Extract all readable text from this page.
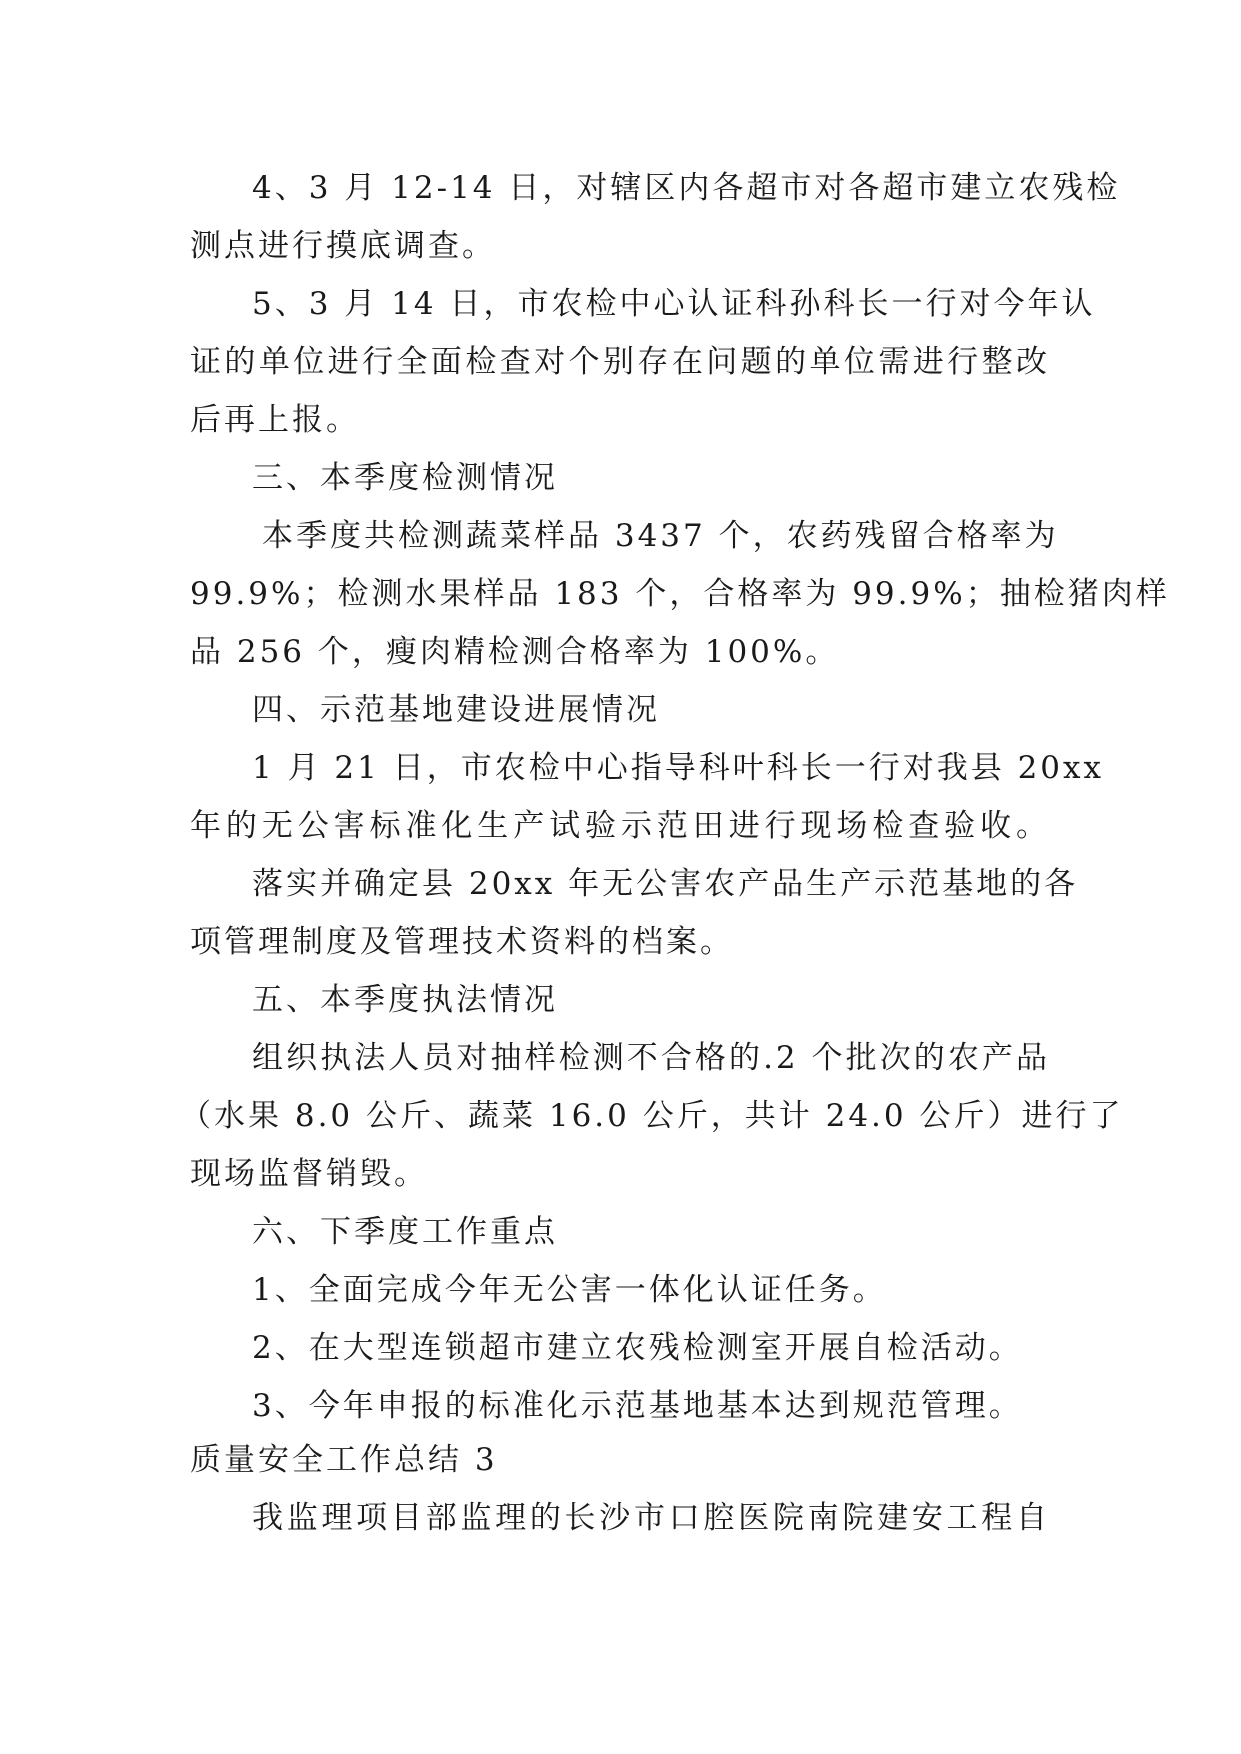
4、3 月 12-14 日，对辖区内各超市对各超市建立农残检
测点进行摸底调查。
5、3 月 14 日，市农检中心认证科孙科长一行对今年认
证的单位进行全面检查对个别存在问题的单位需进行整改
后再上报。
三、本季度检测情况
本季度共检测蔬菜样品 3437 个，农药残留合格率为
99.9%；检测水果样品 183 个，合格率为 99.9%；抽检猪肉样
品 256 个，瘦肉精检测合格率为 100%。
四、示范基地建设进展情况
1 月 21 日，市农检中心指导科叶科长一行对我县 20xx
年的无公害标准化生产试验示范田进行现场检查验收。
落实并确定县 20xx 年无公害农产品生产示范基地的各
项管理制度及管理技术资料的档案。
五、本季度执法情况
组织执法人员对抽样检测不合格的.2 个批次的农产品
（水果 8.0 公斤、蔬菜 16.0 公斤，共计 24.0 公斤）进行了
现场监督销毁。
六、下季度工作重点
1、全面完成今年无公害一体化认证任务。
2、在大型连锁超市建立农残检测室开展自检活动。
3、今年申报的标准化示范基地基本达到规范管理。
质量安全工作总结 3
我监理项目部监理的长沙市口腔医院南院建安工程自
